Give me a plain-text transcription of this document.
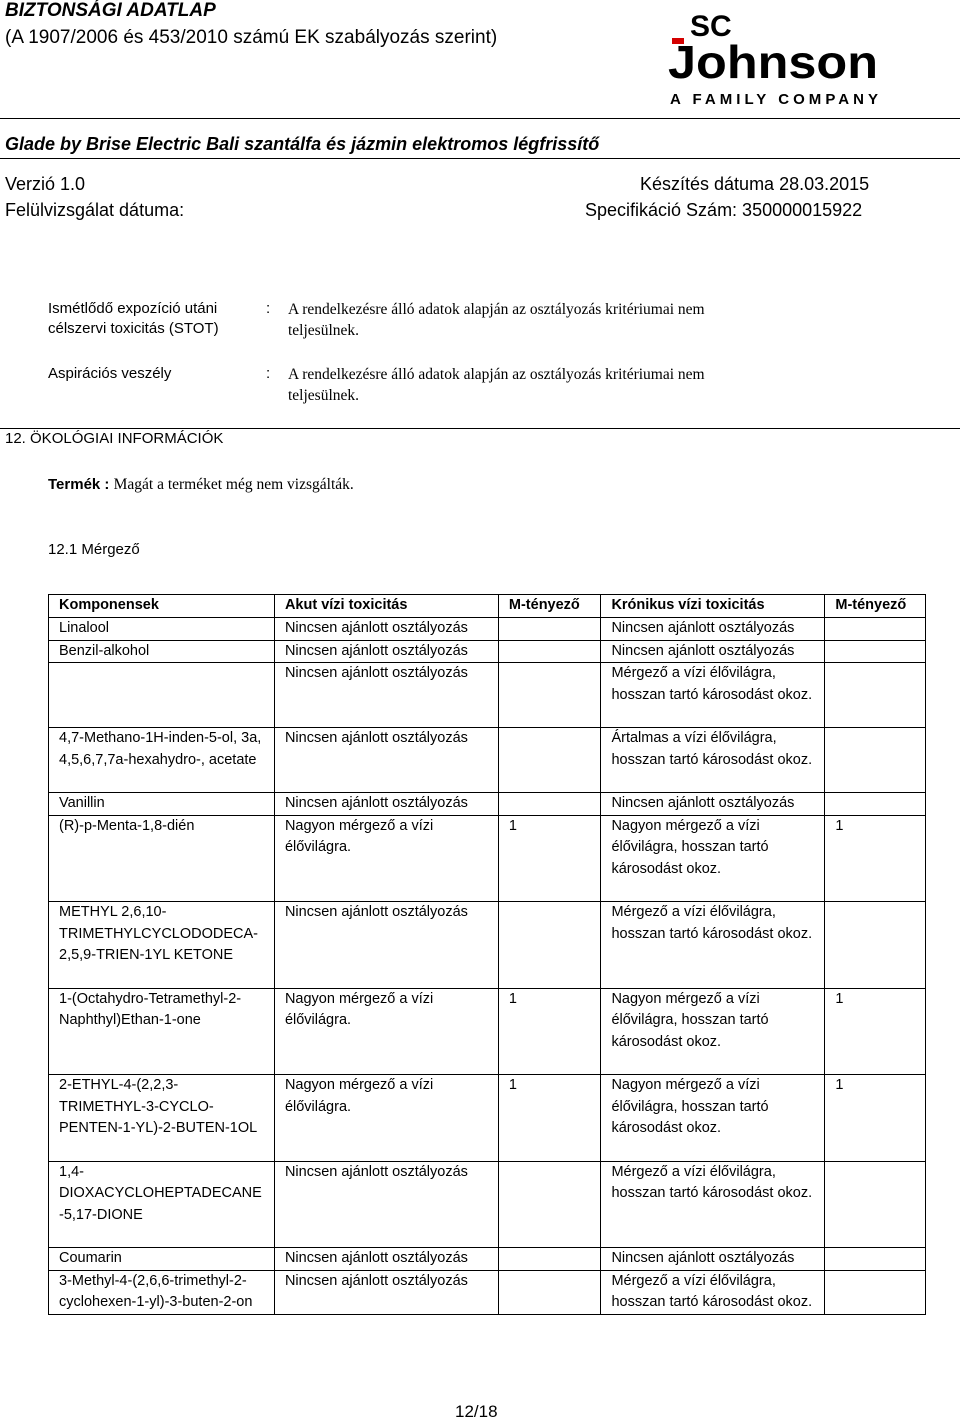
BIZTONSÁGI ADATLAP
(A 1907/2006 és 453/2010 számú EK szabályozás szerint)	SC
Johnson
A FAMILY COMPANY
Glade by Brise Electric Bali szantálfa és jázmin elektromos légfrissítő
Verzió 1.0	Készítés dátuma 28.03.2015
Felülvizsgálat dátuma:	Specifikáció Szám: 350000015922
Ismétlődő expozíció utáni
célszervi toxicitás (STOT)
: A rendelkezésre álló adatok alapján az osztályozás kritériumai nem
teljesülnek.
Aspirációs veszély	: A rendelkezésre álló adatok alapján az osztályozás kritériumai nem
teljesülnek.
12. ÖKOLÓGIAI INFORMÁCIÓK
Termék : Magát a terméket még nem vizsgálták.
12.1 Mérgező
Komponensek	Akut vízi toxicitás	M-tényező	Krónikus vízi toxicitás	M-tényező
Linalool	Nincsen ajánlott osztályozás		Nincsen ajánlott osztályozás	
Benzil-alkohol	Nincsen ajánlott osztályozás		Nincsen ajánlott osztályozás	
	Nincsen ajánlott osztályozás		Mérgező a vízi élővilágra, hosszan tartó károsodást okoz.	
4,7-Methano-1H-inden-5-ol, 3a, 4,5,6,7,7a-hexahydro-, acetate	Nincsen ajánlott osztályozás		Ártalmas a vízi élővilágra, hosszan tartó károsodást okoz.	
Vanillin	Nincsen ajánlott osztályozás		Nincsen ajánlott osztályozás	
(R)-p-Menta-1,8-dién	Nagyon mérgező a vízi élővilágra.	1	Nagyon mérgező a vízi élővilágra, hosszan tartó károsodást okoz.	1
METHYL 2,6,10-TRIMETHYLCYCLODODECA-2,5,9-TRIEN-1YL KETONE	Nincsen ajánlott osztályozás		Mérgező a vízi élővilágra, hosszan tartó károsodást okoz.	
1-(Octahydro-Tetramethyl-2-Naphthyl)Ethan-1-one	Nagyon mérgező a vízi élővilágra.	1	Nagyon mérgező a vízi élővilágra, hosszan tartó károsodást okoz.	1
2-ETHYL-4-(2,2,3-TRIMETHYL-3-CYCLO-PENTEN-1-YL)-2-BUTEN-1OL	Nagyon mérgező a vízi élővilágra.	1	Nagyon mérgező a vízi élővilágra, hosszan tartó károsodást okoz.	1
1,4-DIOXACYCLOHEPTADECANE -5,17-DIONE	Nincsen ajánlott osztályozás		Mérgező a vízi élővilágra, hosszan tartó károsodást okoz.	
Coumarin	Nincsen ajánlott osztályozás		Nincsen ajánlott osztályozás	
3-Methyl-4-(2,6,6-trimethyl-2-cyclohexen-1-yl)-3-buten-2-on	Nincsen ajánlott osztályozás		Mérgező a vízi élővilágra, hosszan tartó károsodást okoz.	
12/18
